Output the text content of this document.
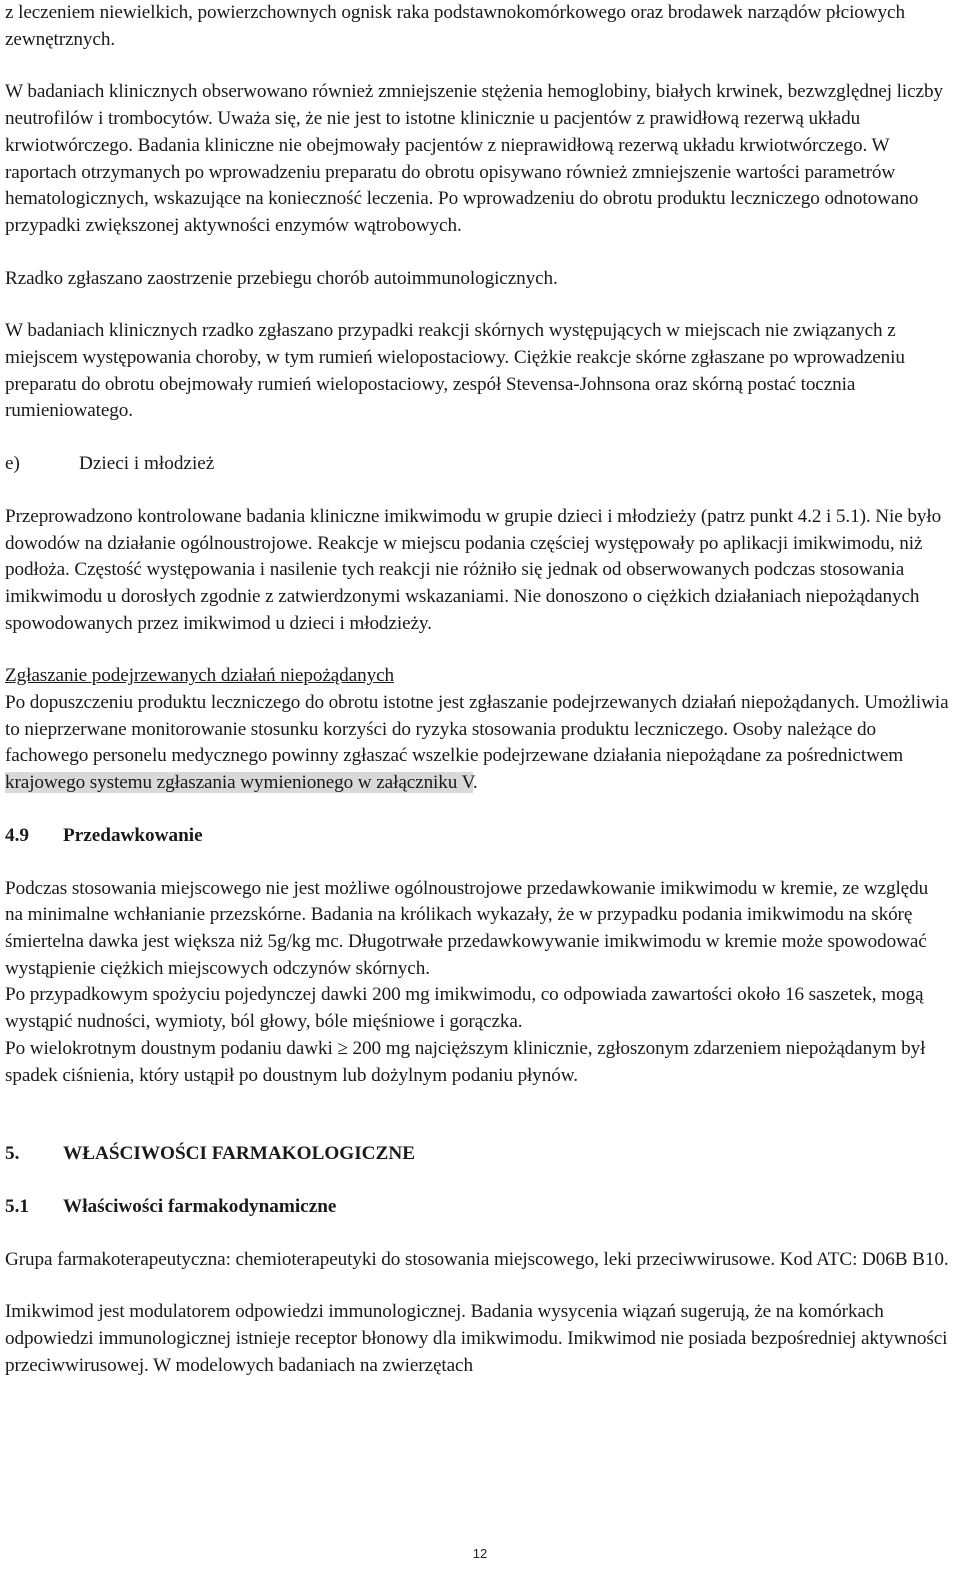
z leczeniem niewielkich, powierzchownych ognisk raka podstawnokomórkowego oraz brodawek narządów płciowych zewnętrznych.

W badaniach klinicznych obserwowano również zmniejszenie stężenia hemoglobiny, białych krwinek, bezwzględnej liczby neutrofilów i trombocytów. Uważa się, że nie jest to istotne klinicznie u pacjentów z prawidłową rezerwą układu krwiotwórczego. Badania kliniczne nie obejmowały pacjentów z nieprawidłową rezerwą układu krwiotwórczego. W raportach otrzymanych po wprowadzeniu preparatu do obrotu opisywano również zmniejszenie wartości parametrów hematologicznych, wskazujące na konieczność leczenia. Po wprowadzeniu do obrotu produktu leczniczego odnotowano przypadki zwiększonej aktywności enzymów wątrobowych.

Rzadko zgłaszano zaostrzenie przebiegu chorób autoimmunologicznych.

W badaniach klinicznych rzadko zgłaszano przypadki reakcji skórnych występujących w miejscach nie związanych z miejscem występowania choroby, w tym rumień wielopostaciowy. Ciężkie reakcje skórne zgłaszane po wprowadzeniu preparatu do obrotu obejmowały rumień wielopostaciowy, zespół Stevensa-Johnsona oraz skórną postać tocznia rumieniowatego.

e)	Dzieci i młodzież

Przeprowadzono kontrolowane badania kliniczne imikwimodu w grupie dzieci i młodzieży (patrz punkt 4.2 i 5.1). Nie było dowodów na działanie ogólnoustrojowe. Reakcje w miejscu podania częściej występowały po aplikacji imikwimodu, niż podłoża. Częstość występowania i nasilenie tych reakcji nie różniło się jednak od obserwowanych podczas stosowania imikwimodu u dorosłych zgodnie z zatwierdzonymi wskazaniami. Nie donoszono o ciężkich działaniach niepożądanych spowodowanych przez imikwimod u dzieci i młodzieży.

Zgłaszanie podejrzewanych działań niepożądanych

Po dopuszczeniu produktu leczniczego do obrotu istotne jest zgłaszanie podejrzewanych działań niepożądanych. Umożliwia to nieprzerwane monitorowanie stosunku korzyści do ryzyka stosowania produktu leczniczego. Osoby należące do fachowego personelu medycznego powinny zgłaszać wszelkie podejrzewane działania niepożądane za pośrednictwem krajowego systemu zgłaszania wymienionego w załączniku V.

4.9 Przedawkowanie

Podczas stosowania miejscowego nie jest możliwe ogólnoustrojowe przedawkowanie imikwimodu w kremie, ze względu na minimalne wchłanianie przezskórne. Badania na królikach wykazały, że w przypadku podania imikwimodu na skórę śmiertelna dawka jest większa niż 5g/kg mc. Długotrwałe przedawkowywanie imikwimodu w kremie może spowodować wystąpienie ciężkich miejscowych odczynów skórnych.

Po przypadkowym spożyciu pojedynczej dawki 200 mg imikwimodu, co odpowiada zawartości około 16 saszetek, mogą wystąpić nudności, wymioty, ból głowy, bóle mięśniowe i gorączka.

Po wielokrotnym doustnym podaniu dawki ≥ 200 mg najcięższym klinicznie, zgłoszonym zdarzeniem niepożądanym był spadek ciśnienia, który ustąpił po doustnym lub dożylnym podaniu płynów.

5. WŁAŚCIWOŚCI FARMAKOLOGICZNE
5.1 Właściwości farmakodynamiczne

Grupa farmakoterapeutyczna: chemioterapeutyki do stosowania miejscowego, leki przeciwwirusowe. Kod ATC: D06B B10.

Imikwimod jest modulatorem odpowiedzi immunologicznej. Badania wysycenia wiązań sugerują, że na komórkach odpowiedzi immunologicznej istnieje receptor błonowy dla imikwimodu. Imikwimod nie posiada bezpośredniej aktywności przeciwwirusowej. W modelowych badaniach na zwierzętach

12
